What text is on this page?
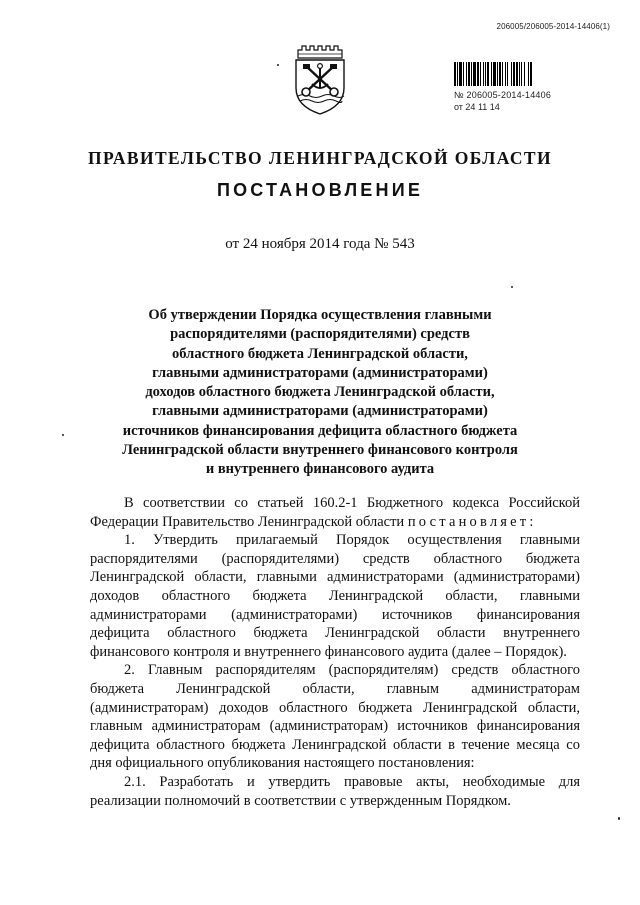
206005/206005-2014-14406(1)
№ 206005-2014-14406
от 24 11 14
ПРАВИТЕЛЬСТВО ЛЕНИНГРАДСКОЙ ОБЛАСТИ
ПОСТАНОВЛЕНИЕ
от 24 ноября 2014 года № 543
Об утверждении Порядка осуществления главными
распорядителями (распорядителями) средств
областного бюджета Ленинградской области,
главными администраторами (администраторами)
доходов областного бюджета Ленинградской области,
главными администраторами (администраторами)
источников финансирования дефицита областного бюджета
Ленинградской области внутреннего финансового контроля
и внутреннего финансового аудита

В соответствии со статьей 160.2-1 Бюджетного кодекса Российской Федерации Правительство Ленинградской области постановляет:

1. Утвердить прилагаемый Порядок осуществления главными распорядителями (распорядителями) средств областного бюджета Ленинградской области, главными администраторами (администраторами) доходов областного бюджета Ленинградской области, главными администраторами (администраторами) источников финансирования дефицита областного бюджета Ленинградской области внутреннего финансового контроля и внутреннего финансового аудита (далее – Порядок).

2. Главным распорядителям (распорядителям) средств областного бюджета Ленинградской области, главным администраторам (администраторам) доходов областного бюджета Ленинградской области, главным администраторам (администраторам) источников финансирования дефицита областного бюджета Ленинградской области в течение месяца со дня официального опубликования настоящего постановления:

2.1. Разработать и утвердить правовые акты, необходимые для реализации полномочий в соответствии с утвержденным Порядком.
